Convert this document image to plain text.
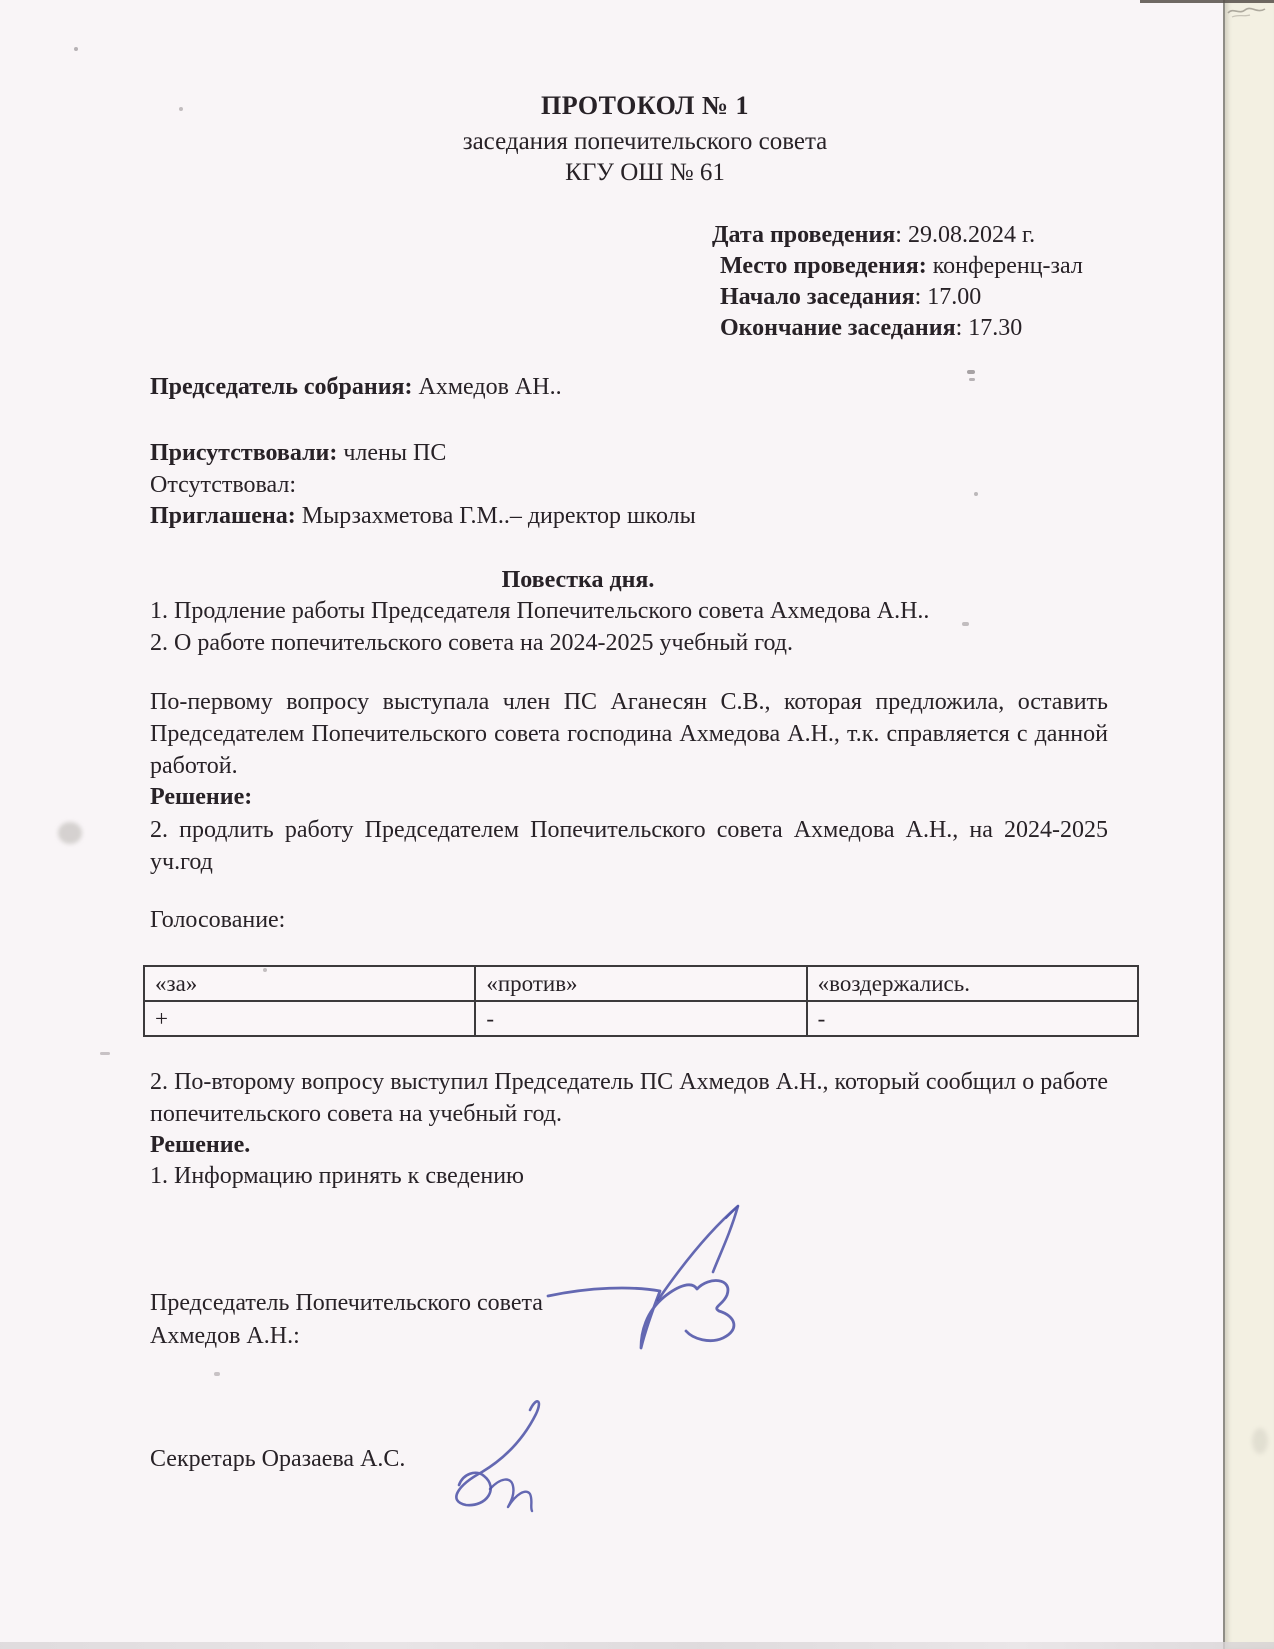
ПРОТОКОЛ № 1
заседания попечительского совета
КГУ ОШ № 61
Дата проведения: 29.08.2024 г.
Место проведения: конференц-зал
Начало заседания: 17.00
Окончание заседания: 17.30
Председатель собрания: Ахмедов АН..
Присутствовали: члены ПС
Отсутствовал:
Приглашена: Мырзахметова Г.М..– директор школы
Повестка дня.
1. Продление работы Председателя Попечительского совета Ахмедова А.Н..
2. О работе попечительского совета на 2024-2025 учебный год.
По-первому вопросу выступала член ПС Аганесян С.В., которая предложила, оставить Председателем Попечительского совета господина Ахмедова А.Н., т.к. справляется с данной работой.
Решение:
2. продлить работу Председателем Попечительского совета Ахмедова А.Н., на 2024-2025 уч.год
Голосование:
«за»	«против»	«воздержались.
+	-	-
2. По-второму вопросу выступил Председатель ПС Ахмедов А.Н., который сообщил о работе попечительского совета на учебный год.
Решение.
1. Информацию принять к сведению
Председатель Попечительского совета
Ахмедов А.Н.:
Секретарь Оразаева А.С.
